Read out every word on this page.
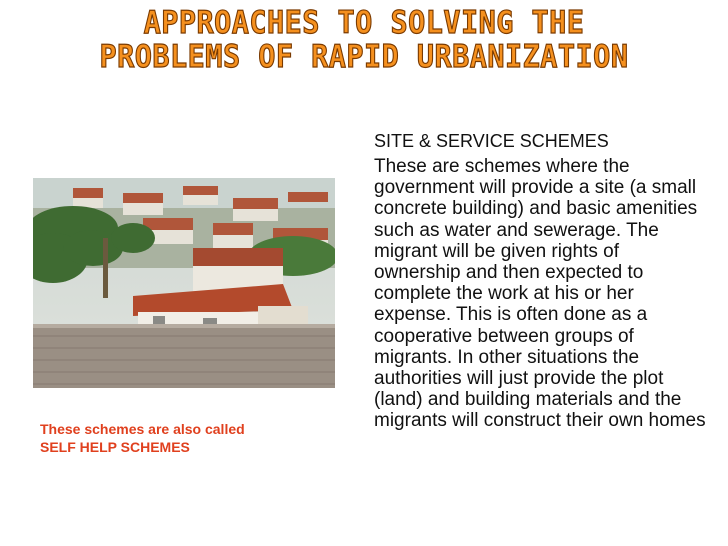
APPROACHES TO SOLVING THE
PROBLEMS OF RAPID URBANIZATION
These schemes are also called
SELF HELP SCHEMES
SITE & SERVICE SCHEMES
These are schemes where the government will provide a site (a small concrete building) and basic amenities such as water and sewerage. The migrant will be given rights of ownership and then expected to complete the work at his or her expense. This is often done as a cooperative between groups of migrants. In other situations the authorities will just provide the plot (land) and building materials and the migrants will construct their own homes
